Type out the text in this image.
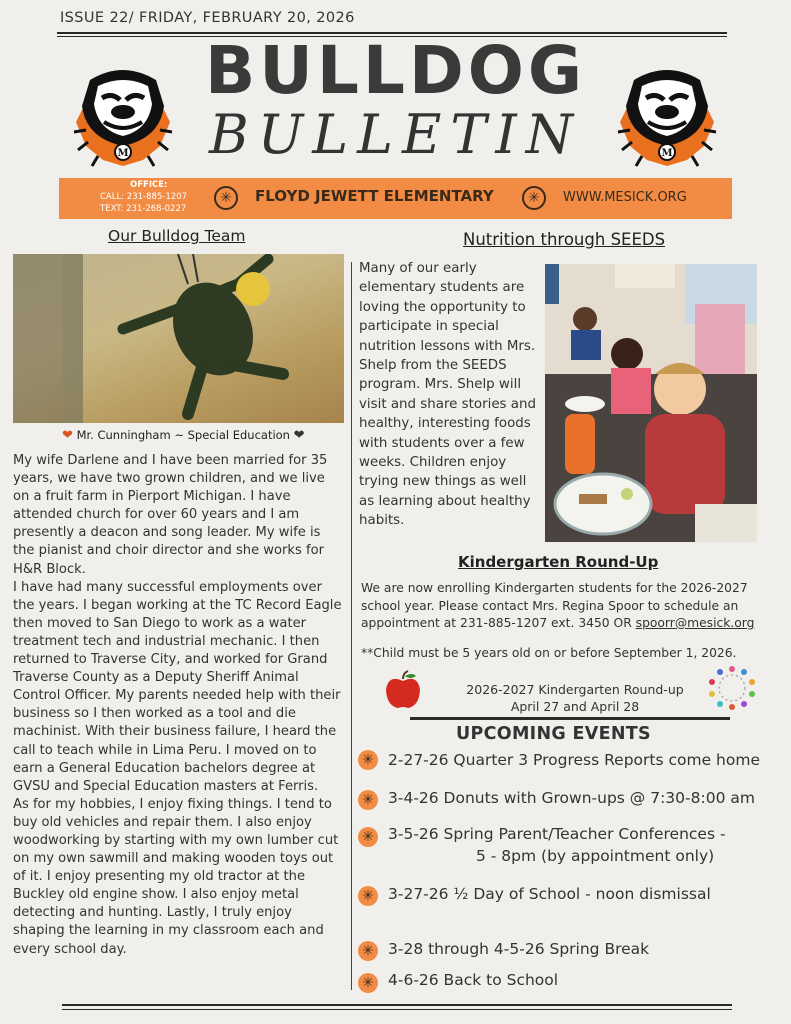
ISSUE 22/ FRIDAY, FEBRUARY 20, 2026
BULLDOG
BULLETIN
M	M
OFFICE:
CALL: 231-885-1207
TEXT: 231-268-0227
✳	FLOYD JEWETT ELEMENTARY	✳	WWW.MESICK.ORG
Our Bulldog Team
❤ Mr. Cunningham ~ Special Education ❤

My wife Darlene and I have been married for 35 years, we have two grown children, and we live on a fruit farm in Pierport Michigan. I have attended church for over 60 years and I am presently a deacon and song leader. My wife is the pianist and choir director and she works for H&R Block.

I have had many successful employments over the years. I began working at the TC Record Eagle then moved to San Diego to work as a water treatment tech and industrial mechanic. I then returned to Traverse City, and worked for Grand Traverse County as a Deputy Sheriff Animal Control Officer. My parents needed help with their business so I then worked as a tool and die machinist. With their business failure, I heard the call to teach while in Lima Peru. I moved on to earn a General Education bachelors degree at GVSU and Special Education masters at Ferris.

As for my hobbies, I enjoy fixing things. I tend to buy old vehicles and repair them. I also enjoy woodworking by starting with my own lumber cut on my own sawmill and making wooden toys out of it. I enjoy presenting my old tractor at the Buckley old engine show. I also enjoy metal detecting and hunting. Lastly, I truly enjoy shaping the learning in my classroom each and every school day.

Nutrition through SEEDS
Many of our early elementary students are loving the opportunity to participate in special nutrition lessons with Mrs. Shelp from the SEEDS program. Mrs. Shelp will visit and share stories and healthy, interesting foods with students over a few weeks. Children enjoy trying new things as well as learning about healthy habits.
Kindergarten Round-Up
We are now enrolling Kindergarten students for the 2026-2027 school year. Please contact Mrs. Regina Spoor to schedule an appointment at 231-885-1207 ext. 3450 OR spoorr@mesick.org
**Child must be 5 years old on or before September 1, 2026.
2026-2027 Kindergarten Round-up
April 27 and April 28
UPCOMING EVENTS
✳ 2-27-26 Quarter 3 Progress Reports come home
✳ 3-4-26 Donuts with Grown-ups @ 7:30-8:00 am
✳ 3-5-26 Spring Parent/Teacher Conferences -
5 - 8pm (by appointment only)
✳ 3-27-26 ½ Day of School - noon dismissal
✳ 3-28 through 4-5-26 Spring Break
✳ 4-6-26 Back to School
